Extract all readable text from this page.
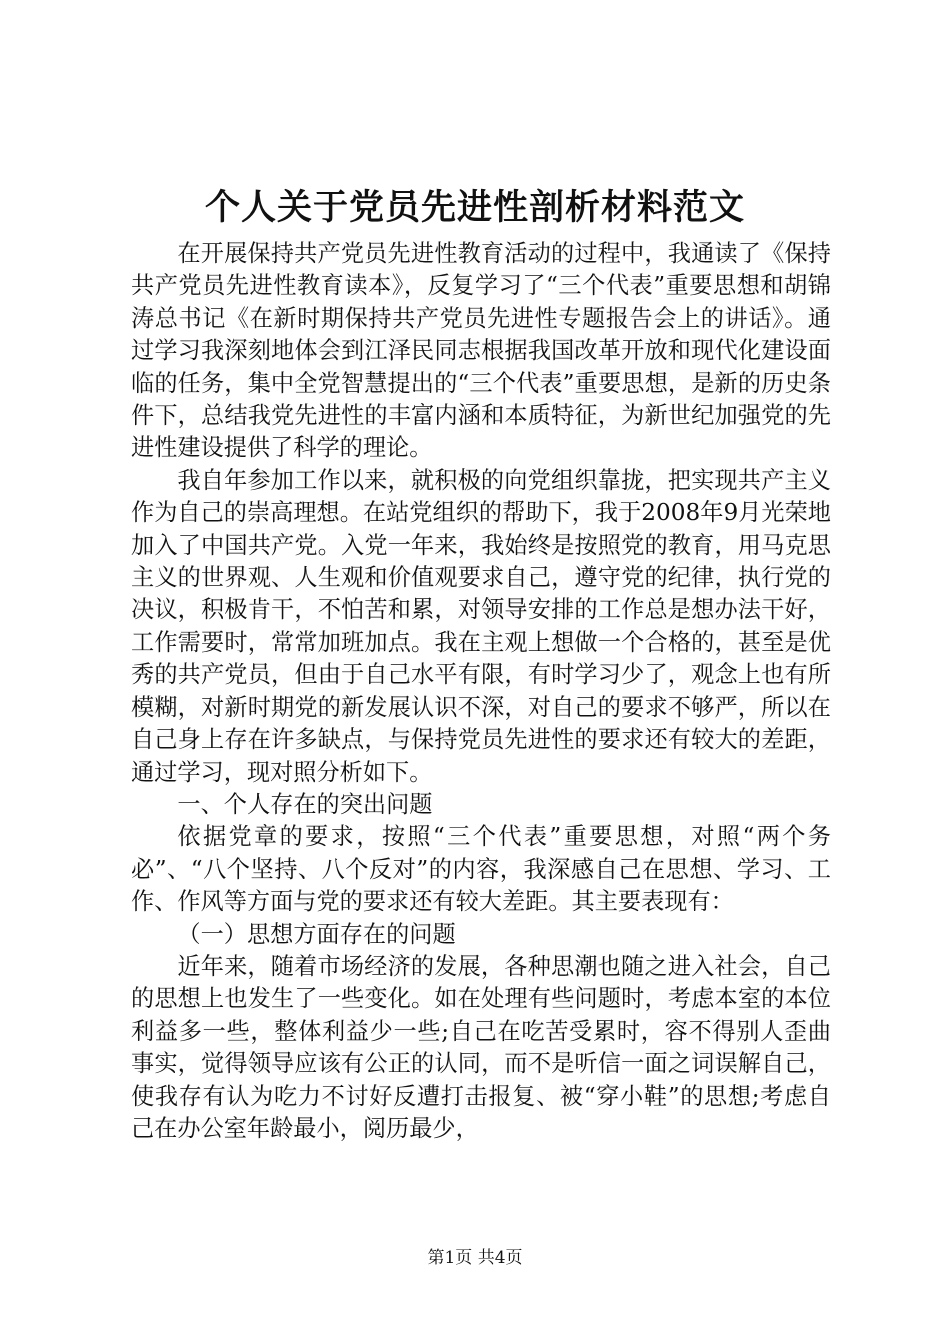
个人关于党员先进性剖析材料范文

在开展保持共产党员先进性教育活动的过程中，我通读了《保持共产党员先进性教育读本》，反复学习了“三个代表”重要思想和胡锦涛总书记《在新时期保持共产党员先进性专题报告会上的讲话》。通过学习我深刻地体会到江泽民同志根据我国改革开放和现代化建设面临的任务，集中全党智慧提出的“三个代表”重要思想，是新的历史条件下，总结我党先进性的丰富内涵和本质特征，为新世纪加强党的先进性建设提供了科学的理论。

我自年参加工作以来，就积极的向党组织靠拢，把实现共产主义作为自己的崇高理想。在站党组织的帮助下，我于2008年9月光荣地加入了中国共产党。入党一年来，我始终是按照党的教育，用马克思主义的世界观、人生观和价值观要求自己，遵守党的纪律，执行党的决议，积极肯干，不怕苦和累，对领导安排的工作总是想办法干好，工作需要时，常常加班加点。我在主观上想做一个合格的，甚至是优秀的共产党员，但由于自己水平有限，有时学习少了，观念上也有所模糊，对新时期党的新发展认识不深，对自己的要求不够严，所以在自己身上存在许多缺点，与保持党员先进性的要求还有较大的差距，通过学习，现对照分析如下。

一、个人存在的突出问题

依据党章的要求，按照“三个代表”重要思想，对照“两个务必”、“八个坚持、八个反对”的内容，我深感自己在思想、学习、工作、作风等方面与党的要求还有较大差距。其主要表现有：

（一）思想方面存在的问题

近年来，随着市场经济的发展，各种思潮也随之进入社会，自己的思想上也发生了一些变化。如在处理有些问题时，考虑本室的本位利益多一些，整体利益少一些;自己在吃苦受累时，容不得别人歪曲事实，觉得领导应该有公正的认同，而不是听信一面之词误解自己，使我存有认为吃力不讨好反遭打击报复、被“穿小鞋”的思想;考虑自己在办公室年龄最小，阅历最少，

第1页 共4页
